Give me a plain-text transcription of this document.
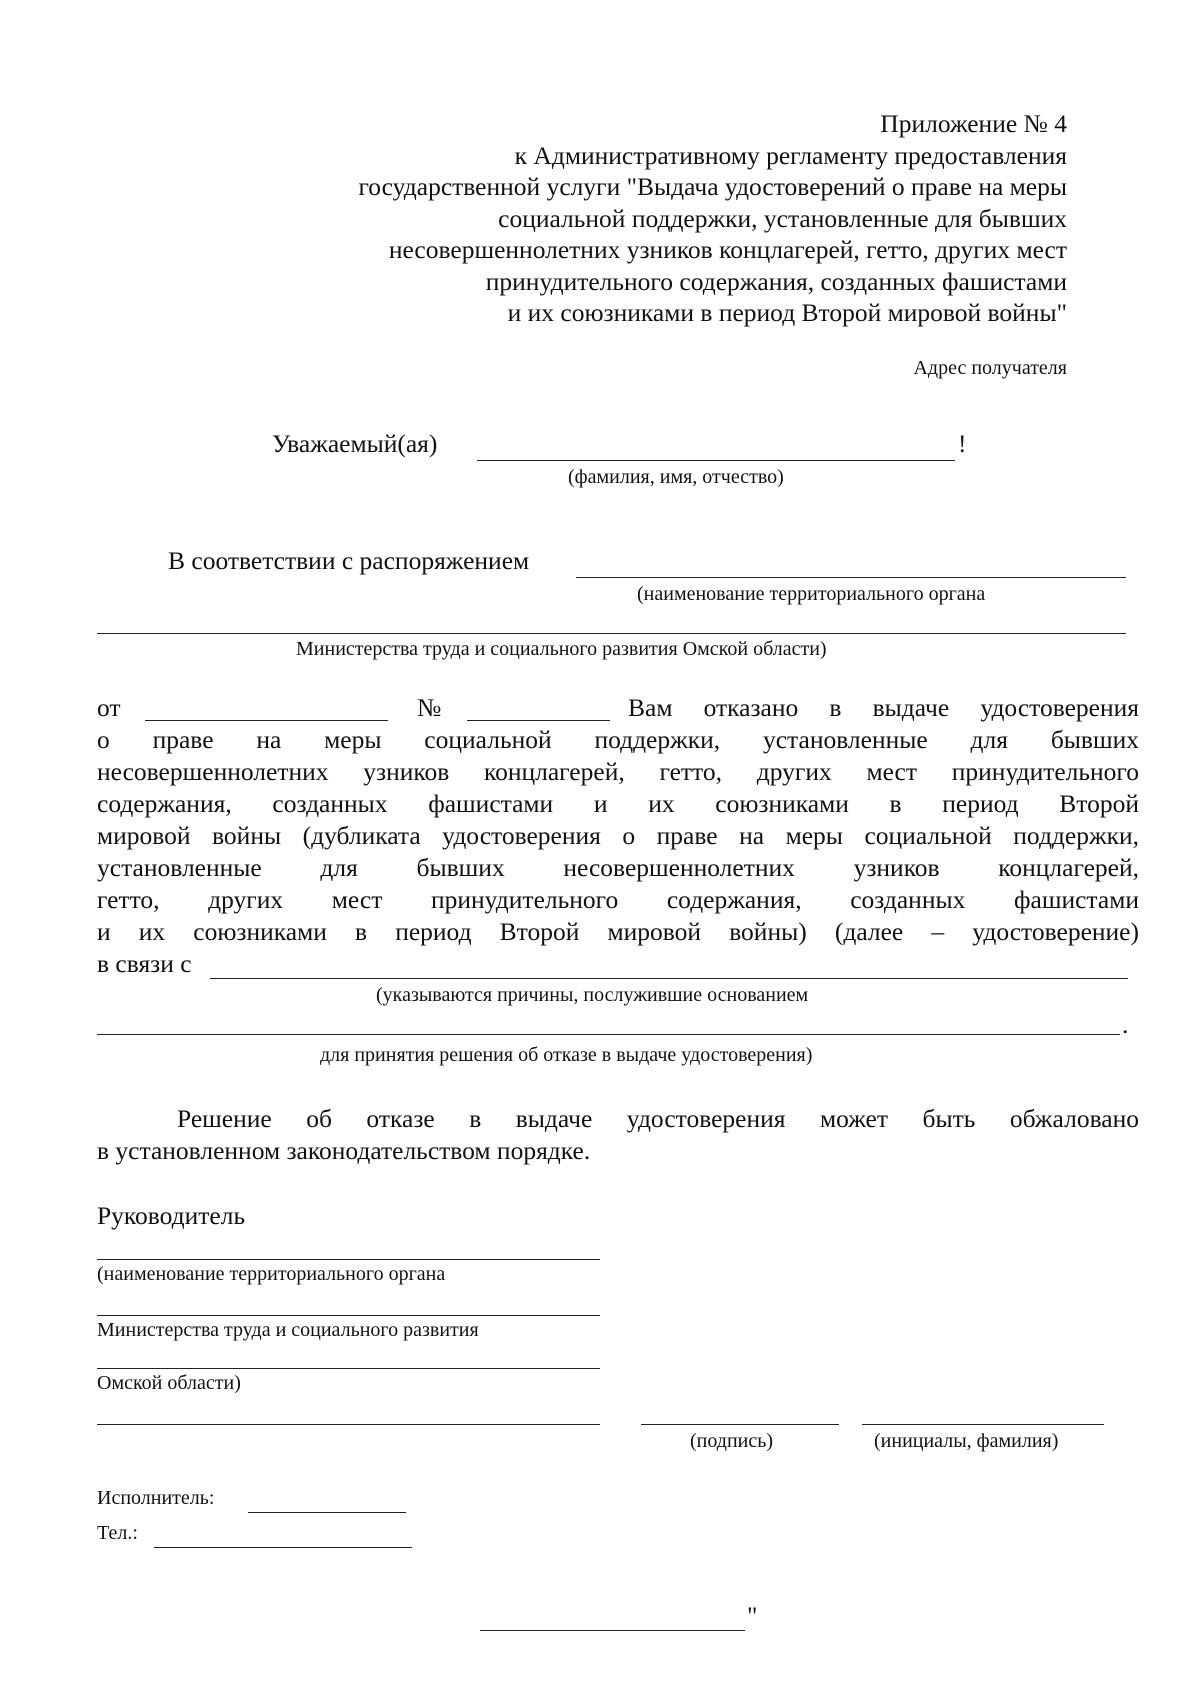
Приложение № 4
к Административному регламенту предоставления
государственной услуги "Выдача удостоверений о праве на меры
социальной поддержки, установленные для бывших
несовершеннолетних узников концлагерей, гетто, других мест
принудительного содержания, созданных фашистами
и их союзниками в период Второй мировой войны"
Адрес получателя
Уважаемый(ая)	!
(фамилия, имя, отчество)
В соответствии с распоряжением
(наименование территориального органа
Министерства труда и социального развития Омской области)
от	№	Вам отказано в выдаче удостоверения
о праве на меры социальной поддержки, установленные для бывших
несовершеннолетних узников концлагерей, гетто, других мест принудительного
содержания, созданных фашистами и их союзниками в период Второй
мировой войны (дубликата удостоверения о праве на меры социальной поддержки,
установленные для бывших несовершеннолетних узников концлагерей,
гетто, других мест принудительного содержания, созданных фашистами
и их союзниками в период Второй мировой войны) (далее – удостоверение)
в связи с
(указываются причины, послужившие основанием
.
для принятия решения об отказе в выдаче удостоверения)
Решение об отказе в выдаче удостоверения может быть обжаловано
в установленном законодательством порядке.
Руководитель
(наименование территориального органа
Министерства труда и социального развития
Омской области)
(подпись)	(инициалы, фамилия)
Исполнитель:
Тел.:
"
